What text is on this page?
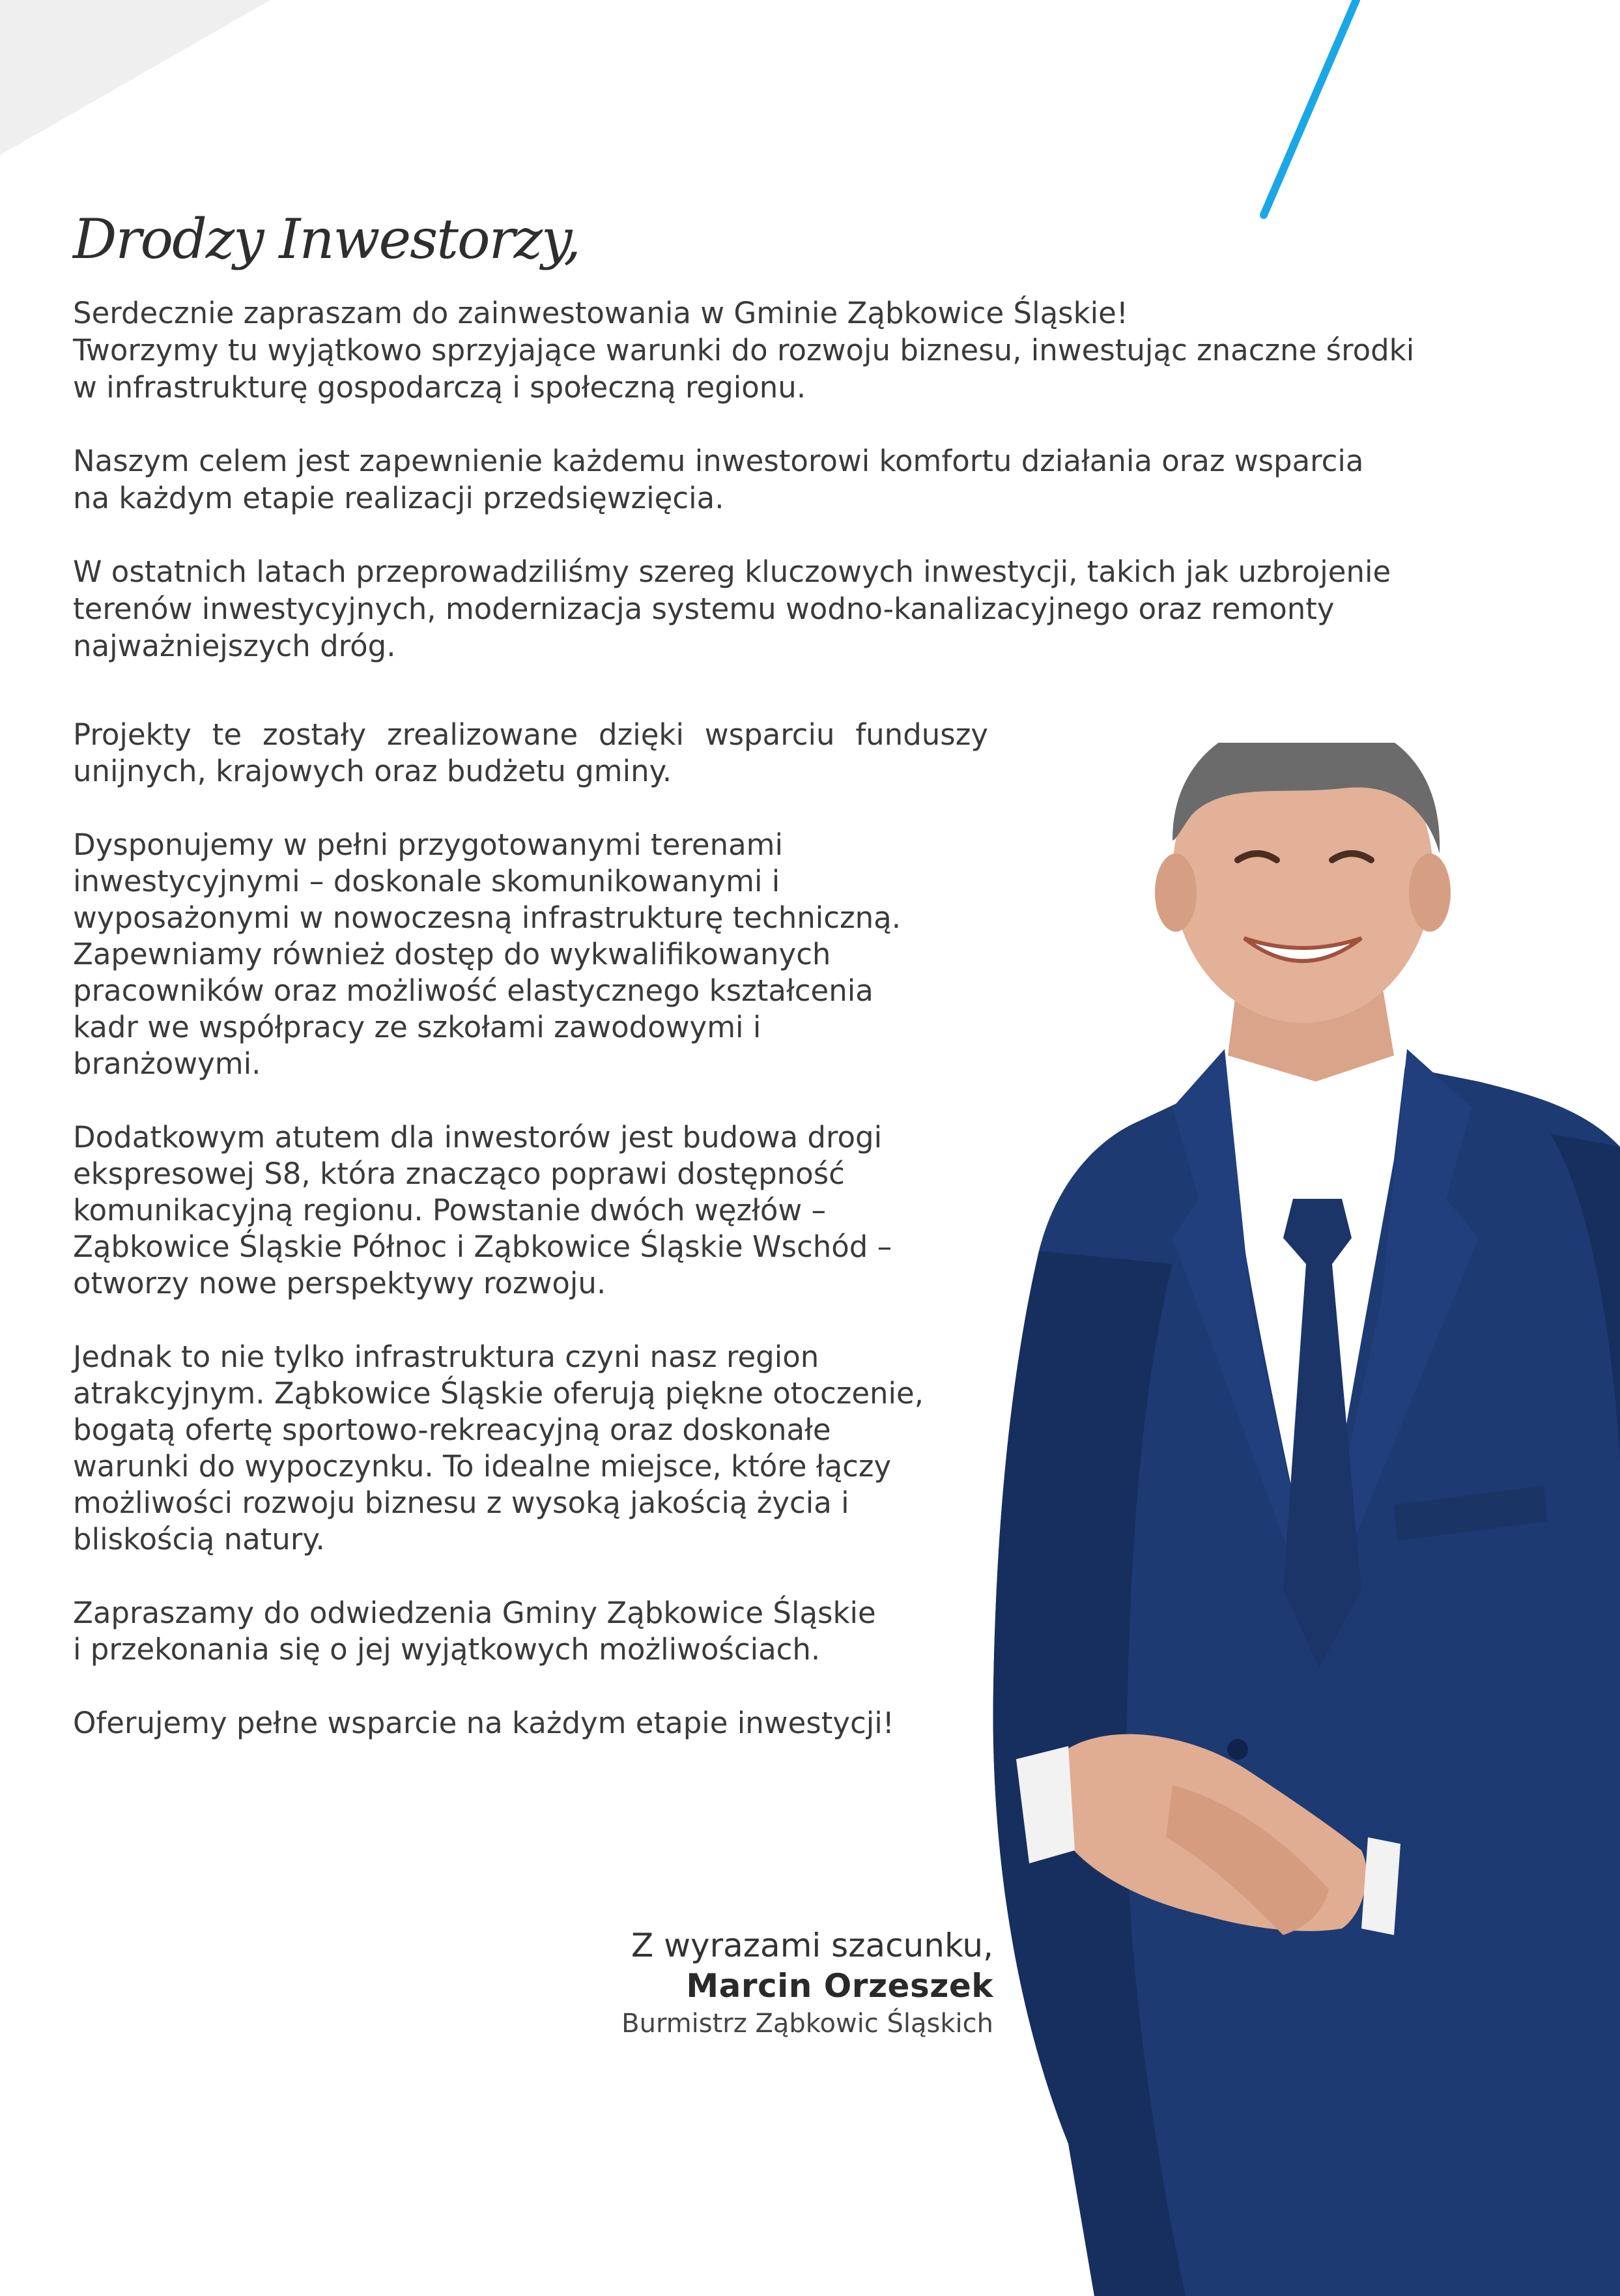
Drodzy Inwestorzy,

Serdecznie zapraszam do zainwestowania w Gminie Ząbkowice Śląskie!
Tworzymy tu wyjątkowo sprzyjające warunki do rozwoju biznesu, inwestując znaczne środki
w infrastrukturę gospodarczą i społeczną regionu.

Naszym celem jest zapewnienie każdemu inwestorowi komfortu działania oraz wsparcia
na każdym etapie realizacji przedsięwzięcia.

W ostatnich latach przeprowadziliśmy szereg kluczowych inwestycji, takich jak uzbrojenie
terenów inwestycyjnych, modernizacja systemu wodno-kanalizacyjnego oraz remonty
najważniejszych dróg.

Projekty te zostały zrealizowane dzięki wsparciu funduszy unijnych, krajowych oraz budżetu gminy.

Dysponujemy w pełni przygotowanymi terenami
inwestycyjnymi – doskonale skomunikowanymi i
wyposażonymi w nowoczesną infrastrukturę techniczną.
Zapewniamy również dostęp do wykwalifikowanych
pracowników oraz możliwość elastycznego kształcenia
kadr we współpracy ze szkołami zawodowymi i
branżowymi.

Dodatkowym atutem dla inwestorów jest budowa drogi
ekspresowej S8, która znacząco poprawi dostępność
komunikacyjną regionu. Powstanie dwóch węzłów –
Ząbkowice Śląskie Północ i Ząbkowice Śląskie Wschód –
otworzy nowe perspektywy rozwoju.

Jednak to nie tylko infrastruktura czyni nasz region
atrakcyjnym. Ząbkowice Śląskie oferują piękne otoczenie,
bogatą ofertę sportowo-rekreacyjną oraz doskonałe
warunki do wypoczynku. To idealne miejsce, które łączy
możliwości rozwoju biznesu z wysoką jakością życia i
bliskością natury.

Zapraszamy do odwiedzenia Gminy Ząbkowice Śląskie
i przekonania się o jej wyjątkowych możliwościach.

Oferujemy pełne wsparcie na każdym etapie inwestycji!

Z wyrazami szacunku,
Marcin Orzeszek
Burmistrz Ząbkowic Śląskich
